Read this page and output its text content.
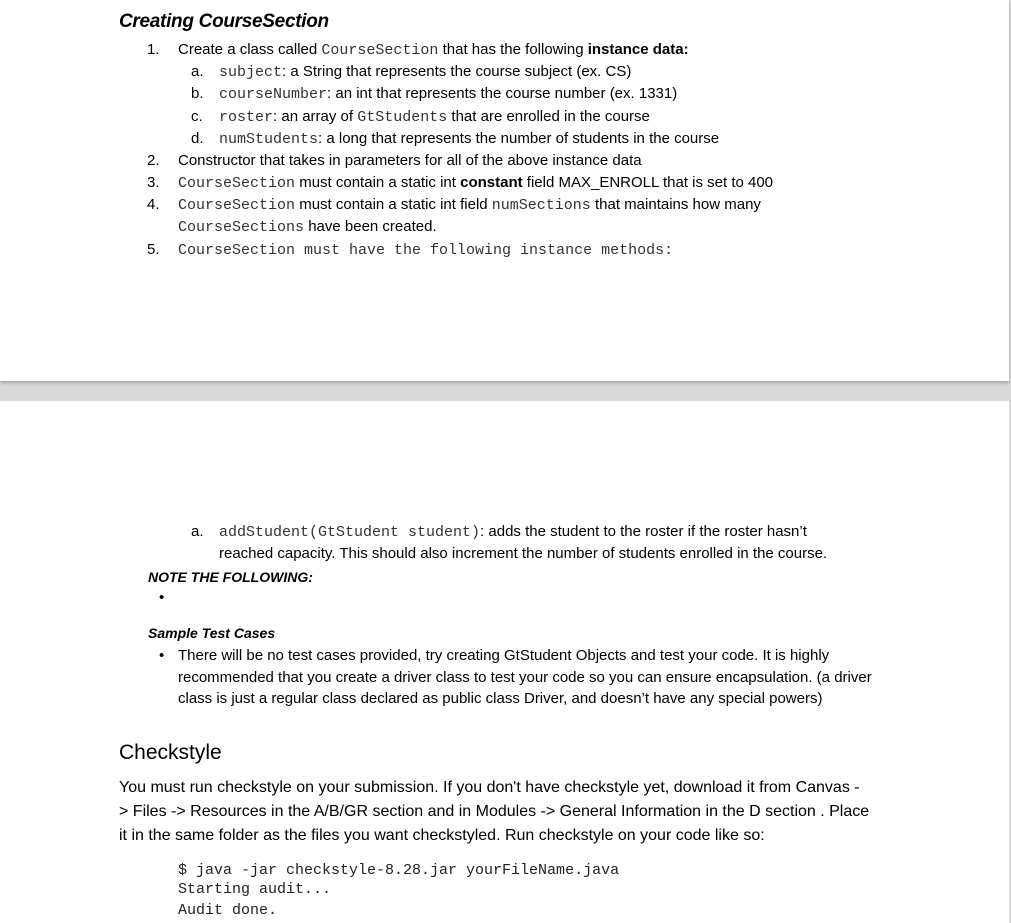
Creating CourseSection
1. Create a class called CourseSection that has the following instance data:
a. subject: a String that represents the course subject (ex. CS)
b. courseNumber: an int that represents the course number (ex. 1331)
c. roster: an array of GtStudents that are enrolled in the course
d. numStudents: a long that represents the number of students in the course
2. Constructor that takes in parameters for all of the above instance data
3. CourseSection must contain a static int constant field MAX_ENROLL that is set to 400
4. CourseSection must contain a static int field numSections that maintains how many
CourseSections have been created.
5. CourseSection must have the following instance methods:
a. addStudent(GtStudent student): adds the student to the roster if the roster hasn’t
reached capacity. This should also increment the number of students enrolled in the course.
NOTE THE FOLLOWING:
•
Sample Test Cases
• There will be no test cases provided, try creating GtStudent Objects and test your code. It is highly
recommended that you create a driver class to test your code so you can ensure encapsulation. (a driver
class is just a regular class declared as public class Driver, and doesn’t have any special powers)
Checkstyle
You must run checkstyle on your submission. If you don't have checkstyle yet, download it from Canvas -
> Files -> Resources in the A/B/GR section and in Modules -> General Information in the D section . Place
it in the same folder as the files you want checkstyled. Run checkstyle on your code like so:
$ java -jar checkstyle-8.28.jar yourFileName.java
Starting audit...
Audit done.
